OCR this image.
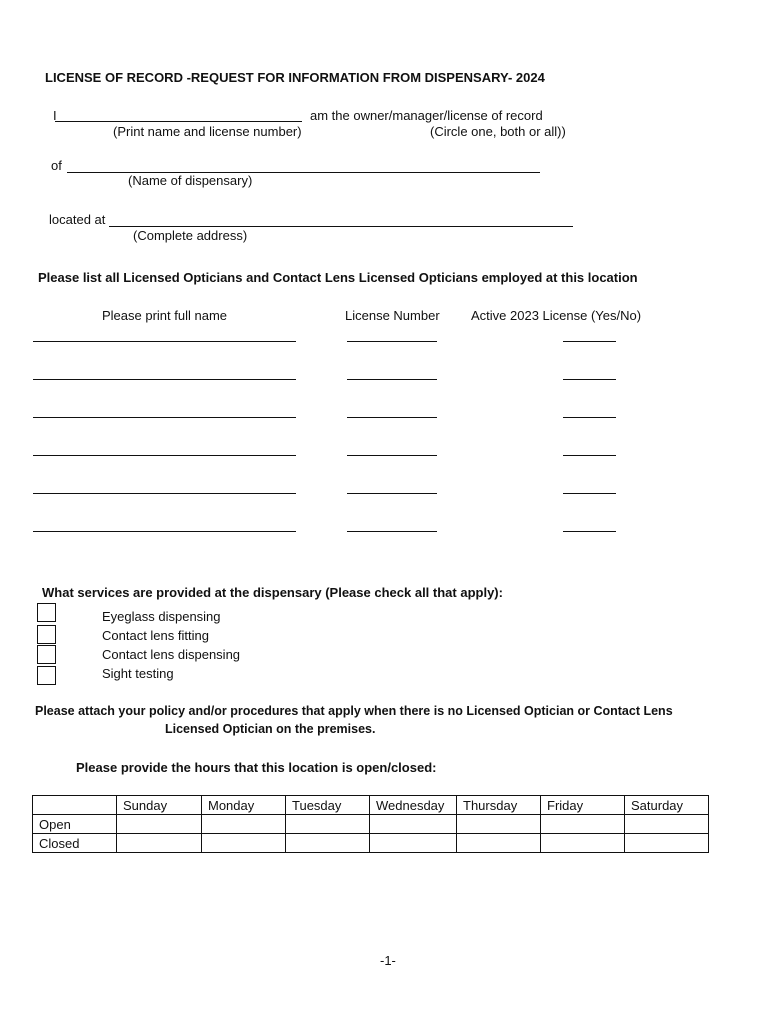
LICENSE OF RECORD -REQUEST FOR INFORMATION FROM DISPENSARY- 2024
I	am the owner/manager/license of record
(Print name and license number)	(Circle one, both or all))
of
(Name of dispensary)
located at
(Complete address)
Please list all Licensed Opticians and Contact Lens Licensed Opticians employed at this location
Please print full name	License Number Active 2023 License (Yes/No)
What services are provided at the dispensary (Please check all that apply):
Eyeglass dispensing
Contact lens fitting
Contact lens dispensing
Sight testing
Please attach your policy and/or procedures that apply when there is no Licensed Optician or Contact Lens
Licensed Optician on the premises.
Please provide the hours that this location is open/closed:
	Sunday	Monday	Tuesday	Wednesday	Thursday	Friday	Saturday
Open							
Closed							
-1-
